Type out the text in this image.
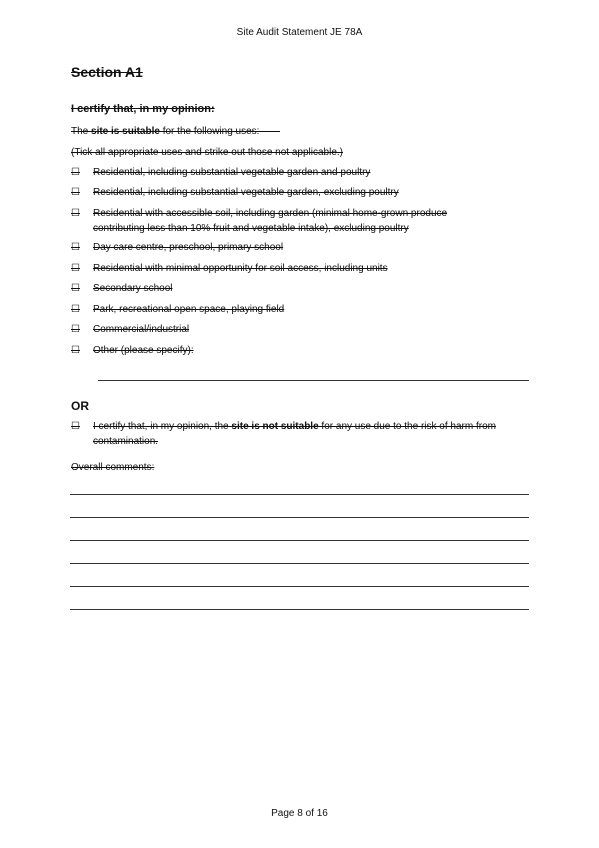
Site Audit Statement JE 78A
Section A1
I certify that, in my opinion:
The site is suitable for the following uses:
(Tick all appropriate uses and strike out those not applicable.)
☐ Residential, including substantial vegetable garden and poultry
☐ Residential, including substantial vegetable garden, excluding poultry
☐ Residential with accessible soil, including garden (minimal home-grown produce contributing less than 10% fruit and vegetable intake), excluding poultry
☐ Day care centre, preschool, primary school
☐ Residential with minimal opportunity for soil access, including units
☐ Secondary school
☐ Park, recreational open space, playing field
☐ Commercial/industrial
☐ Other (please specify):
OR
☐ I certify that, in my opinion, the site is not suitable for any use due to the risk of harm from contamination.
Overall comments:
Page 8 of 16
